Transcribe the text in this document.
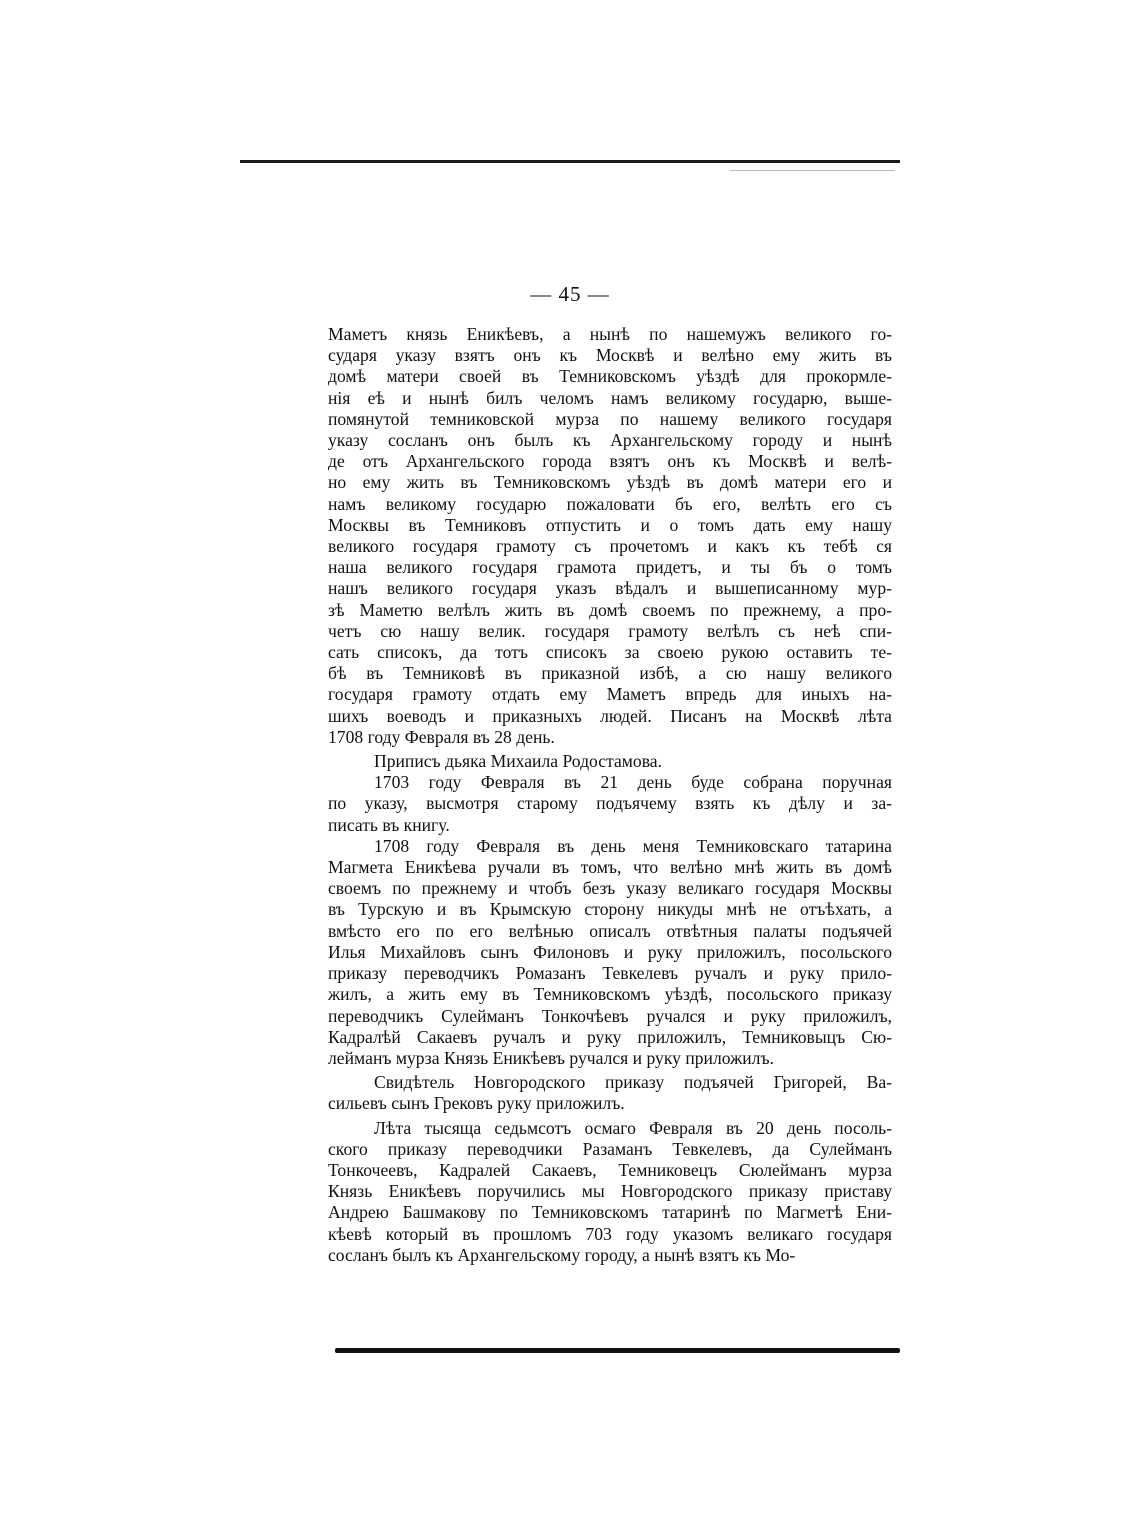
— 45 —
Маметъ князь Еникѣевъ, а нынѣ по нашемужъ великого го-
сударя указу взятъ онъ къ Москвѣ и велѣно ему жить въ
домѣ матери своей въ Темниковскомъ уѣздѣ для прокормле-
нія eѣ и нынѣ билъ челомъ намъ великому государю, выше-
помянутой темниковской мурза по нашему великого государя
указу сосланъ онъ былъ къ Архангельскому городу и нынѣ
де отъ Архангельского города взятъ онъ къ Москвѣ и велѣ-
но ему жить въ Темниковскомъ уѣздѣ въ домѣ матери его и
намъ великому государю пожаловати бъ его, велѣть его съ
Москвы въ Темниковъ отпустить и о томъ дать ему нашу
великого государя грамоту съ прочетомъ и какъ къ тебѣ ся
наша великого государя грамота придетъ, и ты бъ о томъ
нашъ великого государя указъ вѣдалъ и вышеписанному мур-
зѣ Маметю велѣлъ жить въ домѣ своемъ по прежнему, а про-
четъ сю нашу велик. государя грамоту велѣлъ съ неѣ спи-
сать списокъ, да тотъ списокъ за своею рукою оставить те-
бѣ въ Темниковѣ въ приказной избѣ, а сю нашу великого
государя грамоту отдать ему Маметъ впредь для иныхъ на-
шихъ воеводъ и приказныхъ людей. Писанъ на Москвѣ лѣта
1708 году Февраля въ 28 день.
Приписъ дьяка Михаила Родостамова.
1703 году Февраля въ 21 день буде собрана поручная
по указу, высмотря старому подъячему взять къ дѣлу и за-
писать въ книгу.
1708 году Февраля въ день меня Темниковскаго татарина
Магмета Еникѣева ручали въ томъ, что велѣно мнѣ жить въ домѣ
своемъ по прежнему и чтобъ безъ указу великаго государя Москвы
въ Турскую и въ Крымскую сторону никуды мнѣ не отъѣхать, а
вмѣсто его по его велѣнью описалъ отвѣтныя палаты подъячей
Илья Михайловъ сынъ Филоновъ и руку приложилъ, посольского
приказу переводчикъ Ромазанъ Тевкелевъ ручалъ и руку прило-
жилъ, а жить ему въ Темниковскомъ уѣздѣ, посольского приказу
переводчикъ Сулейманъ Тонкочѣевъ ручался и руку приложилъ,
Кадралѣй Сакаевъ ручалъ и руку приложилъ, Темниковыцъ Сю-
леймaнъ мурза Князь Еникѣевъ ручался и руку приложилъ.
Свидѣтель Новгородского приказу подъячей Григорей, Ва-
сильевъ сынъ Грековъ руку приложилъ.
Лѣта тысяща седьмсотъ осмаго Февраля въ 20 день посоль-
ского приказу переводчики Разаманъ Тевкелевъ, да Сулейманъ
Тонкочеевъ, Кадралей Сакаевъ, Темниковецъ Сюлейманъ мурза
Князь Еникѣевъ поручились мы Новгородского приказу приставу
Андрею Башмакову по Темниковскомъ татаринѣ по Магметѣ Ени-
кѣевѣ который въ прошломъ 703 году указомъ великаго государя
сосланъ былъ къ Архангельскому городу, а нынѣ взятъ къ Мо-
